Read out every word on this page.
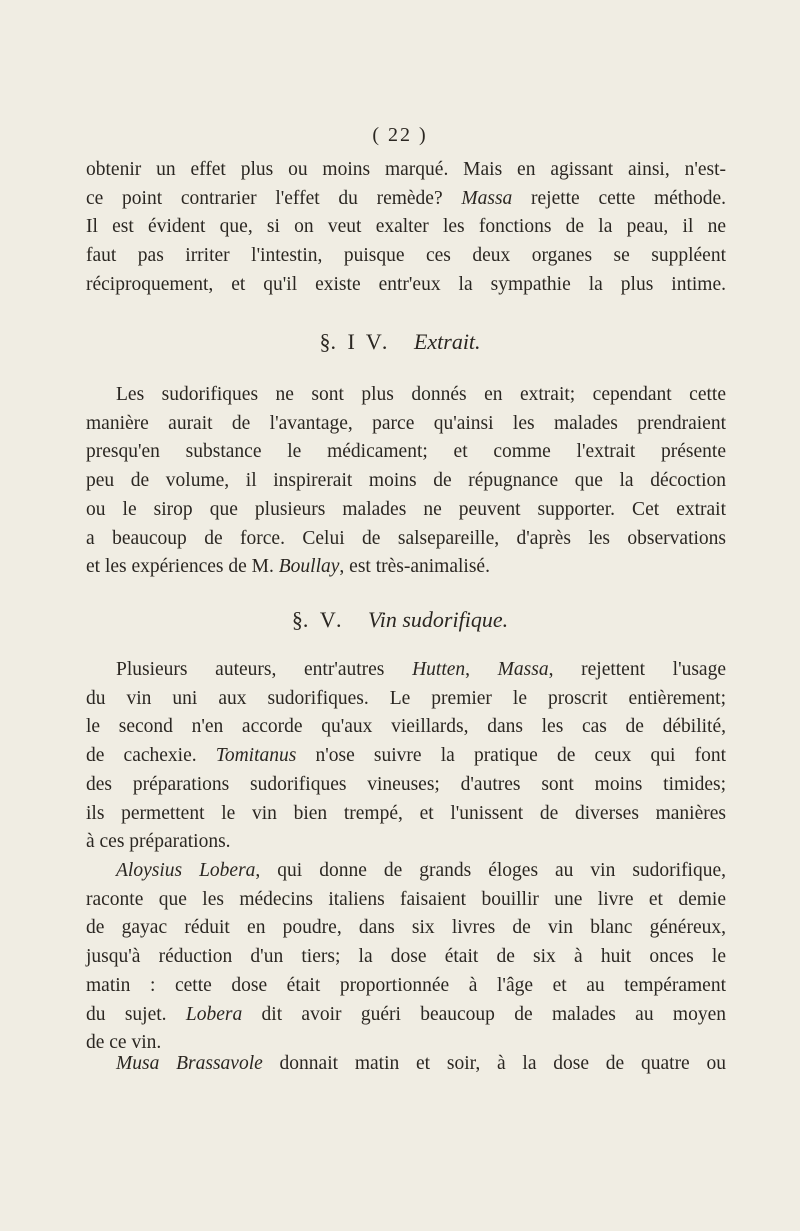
( 22 )
obtenir un effet plus ou moins marqué. Mais en agissant ainsi, n'est-
ce point contrarier l'effet du remède? Massa rejette cette méthode.
Il est évident que, si on veut exalter les fonctions de la peau, il ne
faut pas irriter l'intestin, puisque ces deux organes se suppléent
réciproquement, et qu'il existe entr'eux la sympathie la plus intime.
§. I V. Extrait.
Les sudorifiques ne sont plus donnés en extrait; cependant cette
manière aurait de l'avantage, parce qu'ainsi les malades prendraient
presqu'en substance le médicament; et comme l'extrait présente
peu de volume, il inspirerait moins de répugnance que la décoction
ou le sirop que plusieurs malades ne peuvent supporter. Cet extrait
a beaucoup de force. Celui de salsepareille, d'après les observations
et les expériences de M. Boullay, est très-animalisé.
§. V. Vin sudorifique.
Plusieurs auteurs, entr'autres Hutten, Massa, rejettent l'usage
du vin uni aux sudorifiques. Le premier le proscrit entièrement;
le second n'en accorde qu'aux vieillards, dans les cas de débilité,
de cachexie. Tomitanus n'ose suivre la pratique de ceux qui font
des préparations sudorifiques vineuses; d'autres sont moins timides;
ils permettent le vin bien trempé, et l'unissent de diverses manières
à ces préparations.
Aloysius Lobera, qui donne de grands éloges au vin sudorifique,
raconte que les médecins italiens faisaient bouillir une livre et demie
de gayac réduit en poudre, dans six livres de vin blanc généreux,
jusqu'à réduction d'un tiers; la dose était de six à huit onces le
matin : cette dose était proportionnée à l'âge et au tempérament
du sujet. Lobera dit avoir guéri beaucoup de malades au moyen
de ce vin.
Musa Brassavole donnait matin et soir, à la dose de quatre ou
